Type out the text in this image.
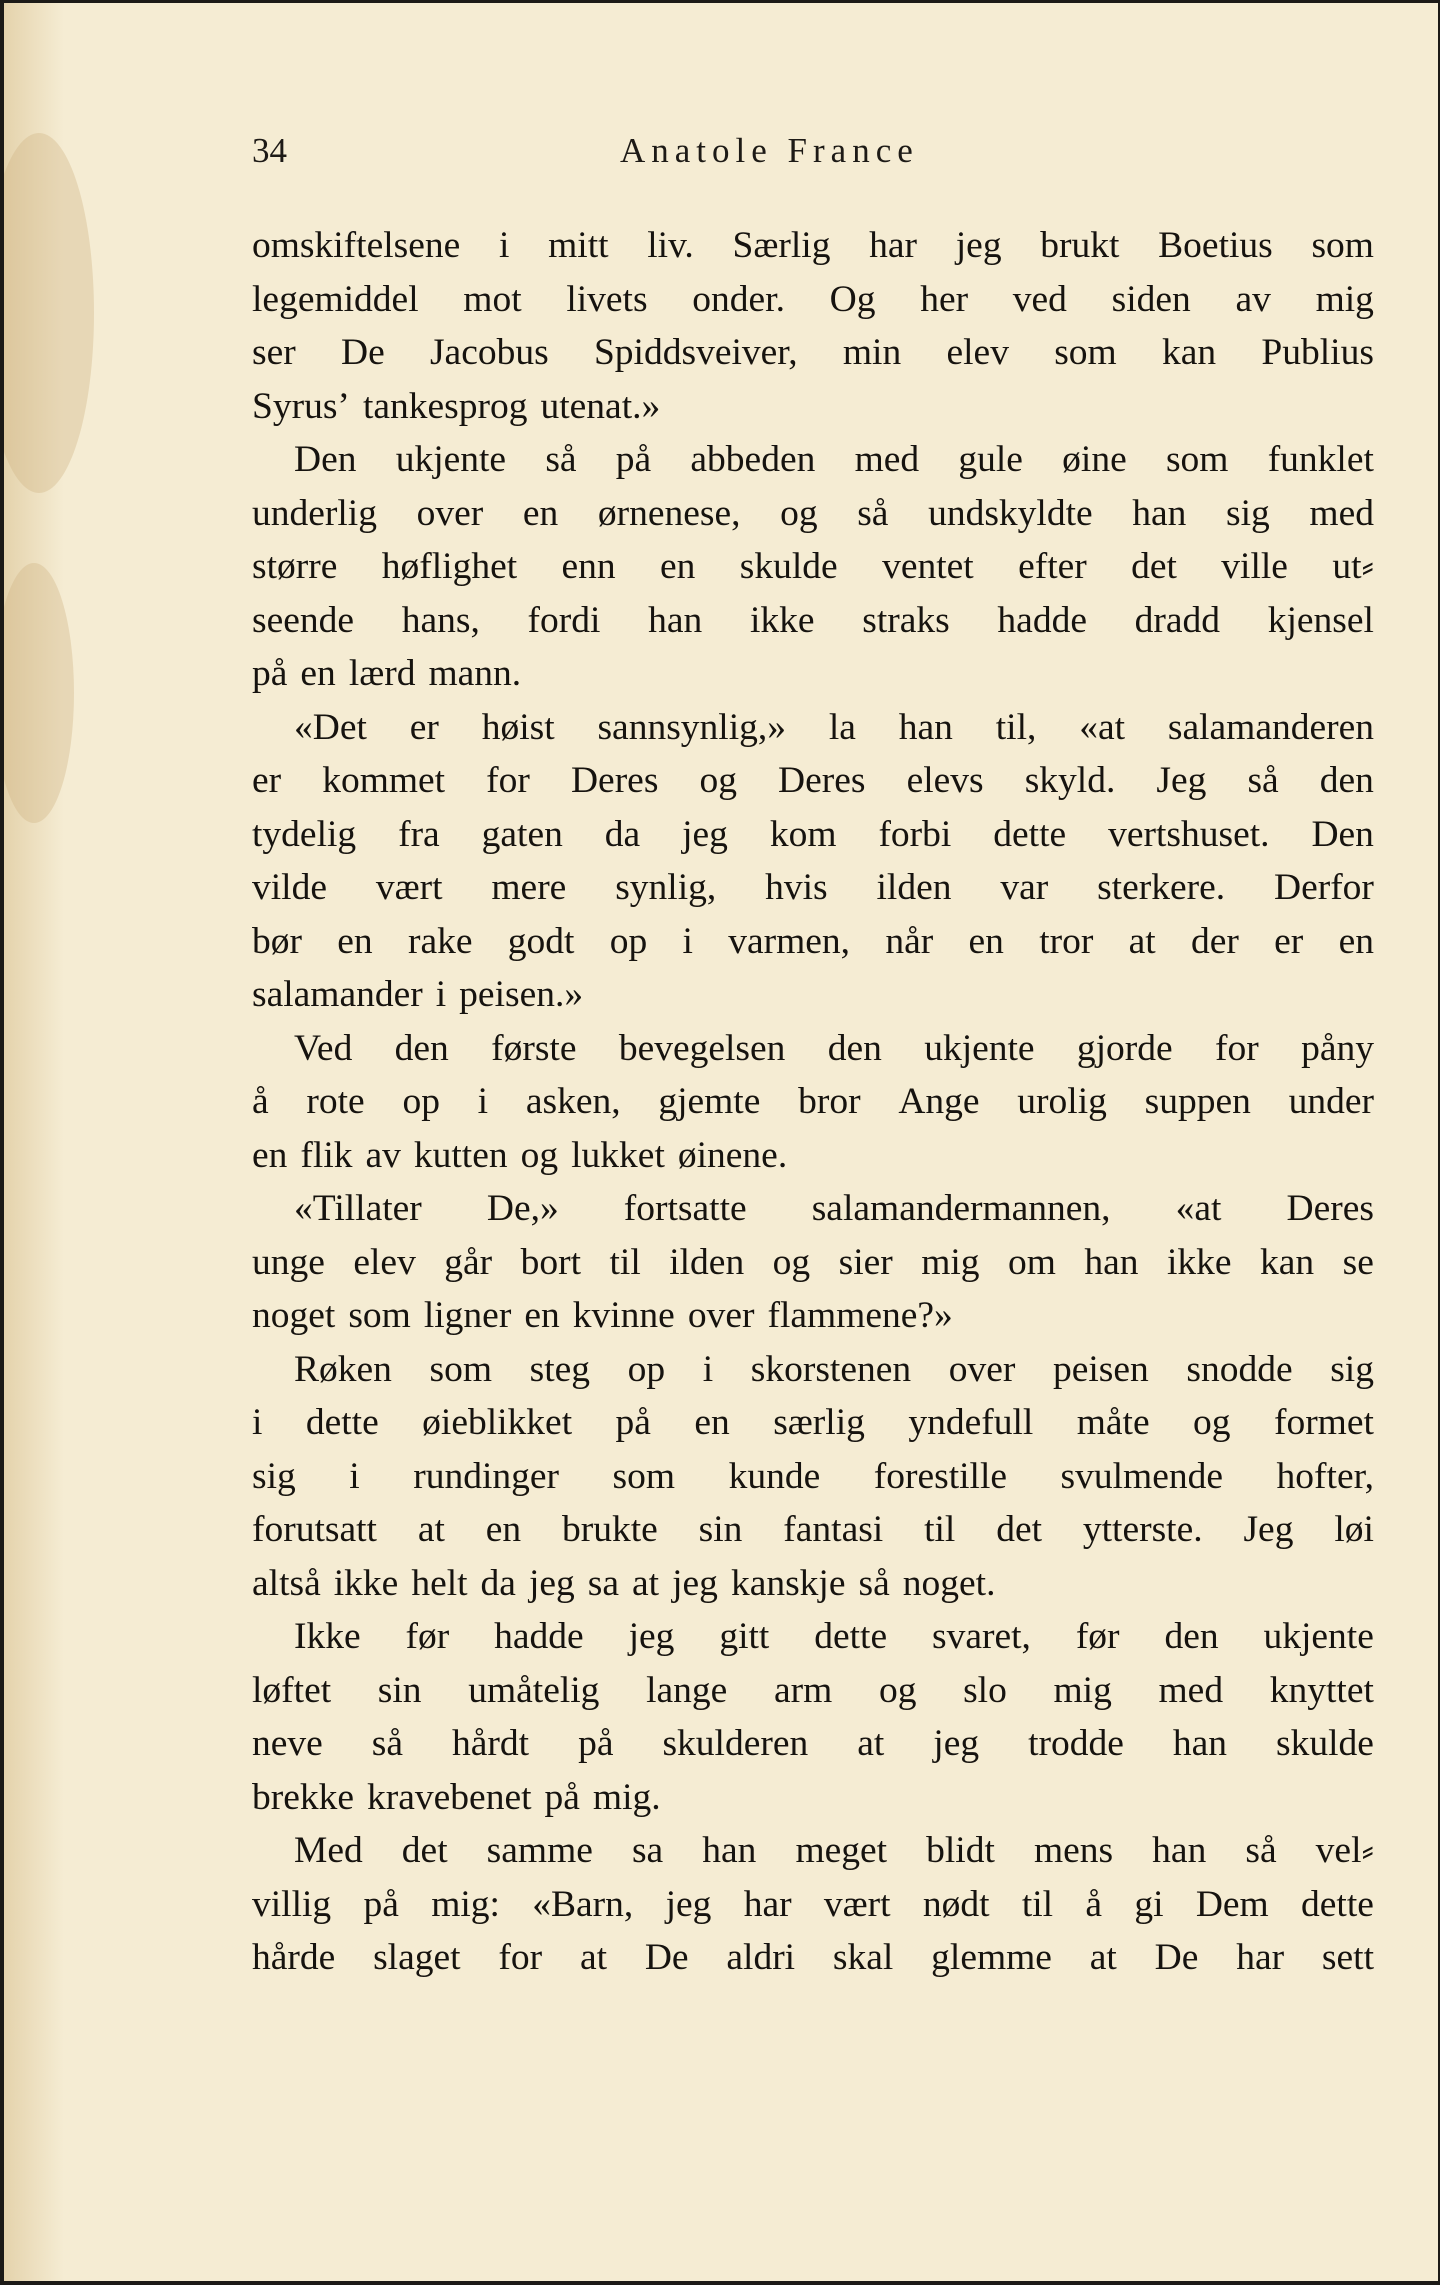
34	Anatole France
omskiftelsene i mitt liv. Særlig har jeg brukt Boetius som
legemiddel mot livets onder. Og her ved siden av mig
ser De Jacobus Spiddsveiver, min elev som kan Publius
Syrus’ tankesprog utenat.»
Den ukjente så på abbeden med gule øine som funklet
underlig over en ørnenese, og så undskyldte han sig med
større høflighet enn en skulde ventet efter det ville ut⸗
seende hans, fordi han ikke straks hadde dradd kjensel
på en lærd mann.
«Det er høist sannsynlig,» la han til, «at salamanderen
er kommet for Deres og Deres elevs skyld. Jeg så den
tydelig fra gaten da jeg kom forbi dette vertshuset. Den
vilde vært mere synlig, hvis ilden var sterkere. Derfor
bør en rake godt op i varmen, når en tror at der er en
salamander i peisen.»
Ved den første bevegelsen den ukjente gjorde for påny
å rote op i asken, gjemte bror Ange urolig suppen under
en flik av kutten og lukket øinene.
«Tillater De,» fortsatte salamandermannen, «at Deres
unge elev går bort til ilden og sier mig om han ikke kan se
noget som ligner en kvinne over flammene?»
Røken som steg op i skorstenen over peisen snodde sig
i dette øieblikket på en særlig yndefull måte og formet
sig i rundinger som kunde forestille svulmende hofter,
forutsatt at en brukte sin fantasi til det ytterste. Jeg løi
altså ikke helt da jeg sa at jeg kanskje så noget.
Ikke før hadde jeg gitt dette svaret, før den ukjente
løftet sin umåtelig lange arm og slo mig med knyttet
neve så hårdt på skulderen at jeg trodde han skulde
brekke kravebenet på mig.
Med det samme sa han meget blidt mens han så vel⸗
villig på mig: «Barn, jeg har vært nødt til å gi Dem dette
hårde slaget for at De aldri skal glemme at De har sett
